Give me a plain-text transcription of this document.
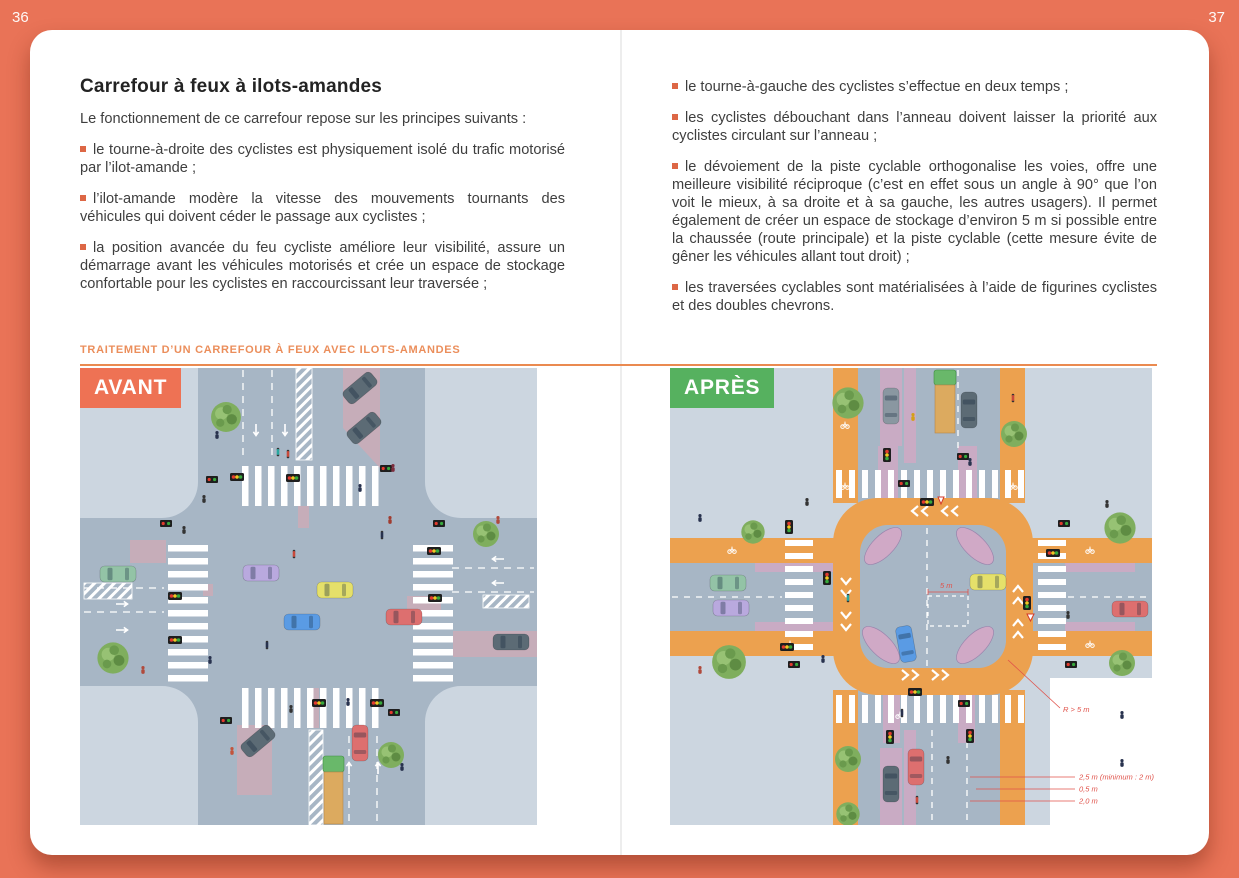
36	37
Carrefour à feux à ilots-amandes

Le fonctionnement de ce carrefour repose sur les principes suivants :

le tourne-à-droite des cyclistes est physiquement isolé du trafic motorisé par l’ilot-amande ;

l’ilot-amande modère la vitesse des mouvements tournants des véhicules qui doivent céder le passage aux cyclistes ;

la position avancée du feu cycliste améliore leur visibilité, assure un démarrage avant les véhicules motorisés et crée un espace de stockage confortable pour les cyclistes en raccourcissant leur traversée ;

le tourne-à-gauche des cyclistes s’effectue en deux temps ;

les cyclistes débouchant dans l’anneau doivent laisser la priorité aux cyclistes circulant sur l’anneau ;

le dévoiement de la piste cyclable orthogonalise les voies, offre une meilleure visibilité réciproque (c’est en effet sous un angle à 90° que l’on voit le mieux, à sa droite et à sa gauche, les autres usagers). Il permet également de créer un espace de stockage d’environ 5 m si possible entre la chaussée (route principale) et la piste cyclable (cette mesure évite de gêner les véhicules allant tout droit) ;

les traversées cyclables sont matérialisées à l’aide de figurines cyclistes et des doubles chevrons.

TRAITEMENT D’UN CARREFOUR À FEUX AVEC ILOTS-AMANDES
AVANT
5 m
R > 5 m
2,5 m (minimum : 2 m)
0,5 m
2,0 m
APRÈS
